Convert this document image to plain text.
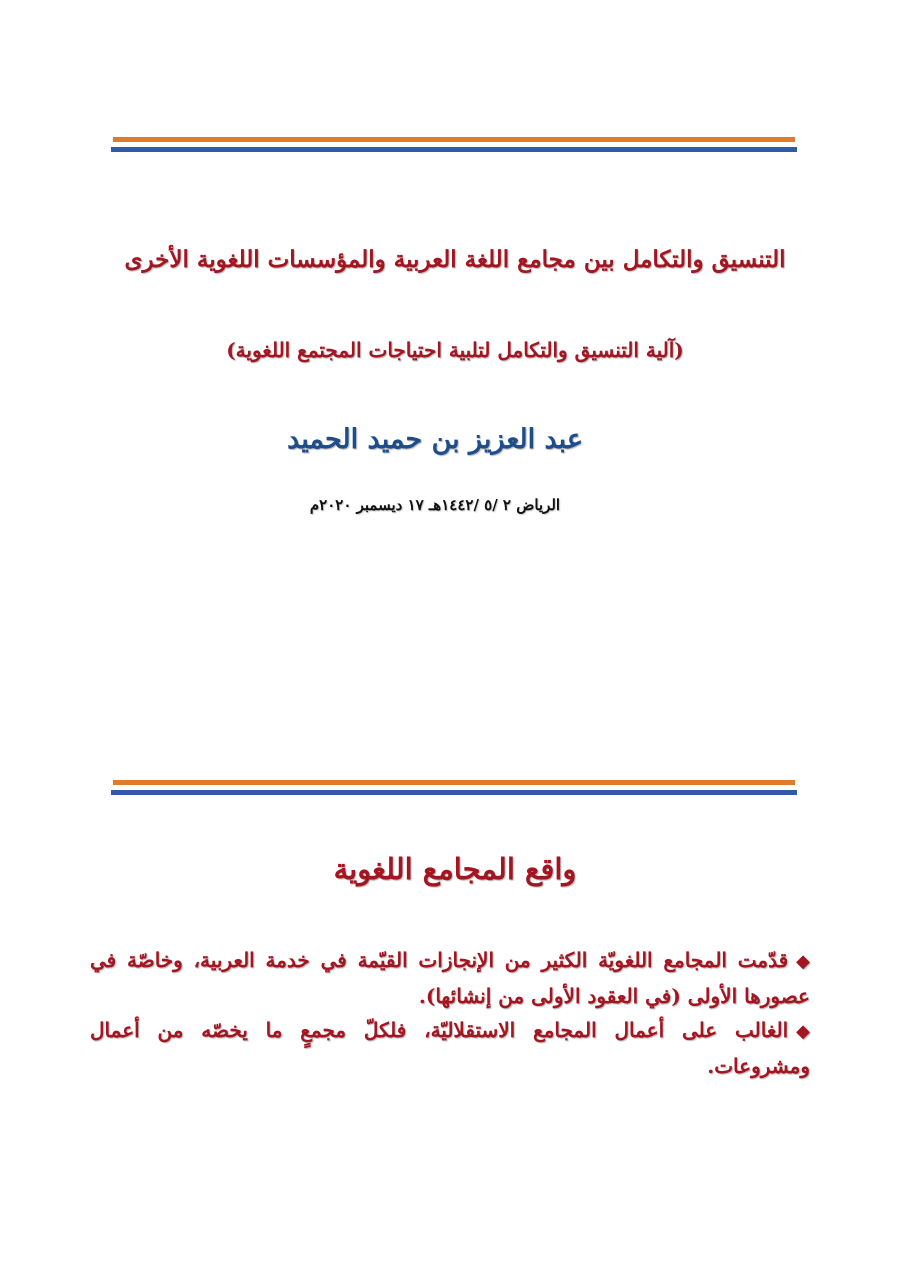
التنسيق والتكامل بين مجامع اللغة العربية والمؤسسات اللغوية الأخرى
(آلية التنسيق والتكامل لتلبية احتياجات المجتمع اللغوية)
عبد العزيز بن حميد الحميد
الرياض ٢ /٥ /١٤٤٢هـ ١٧ ديسمبر ٢٠٢٠م
واقع المجامع اللغوية

◆قدّمت المجامع اللغويّة الكثير من الإنجازات القيّمة في خدمة العربية، وخاصّة في عصورها الأولى (في العقود الأولى من إنشائها).

◆الغالب على أعمال المجامع الاستقلاليّة، فلكلّ مجمعٍ ما يخصّه من أعمال ومشروعات.
